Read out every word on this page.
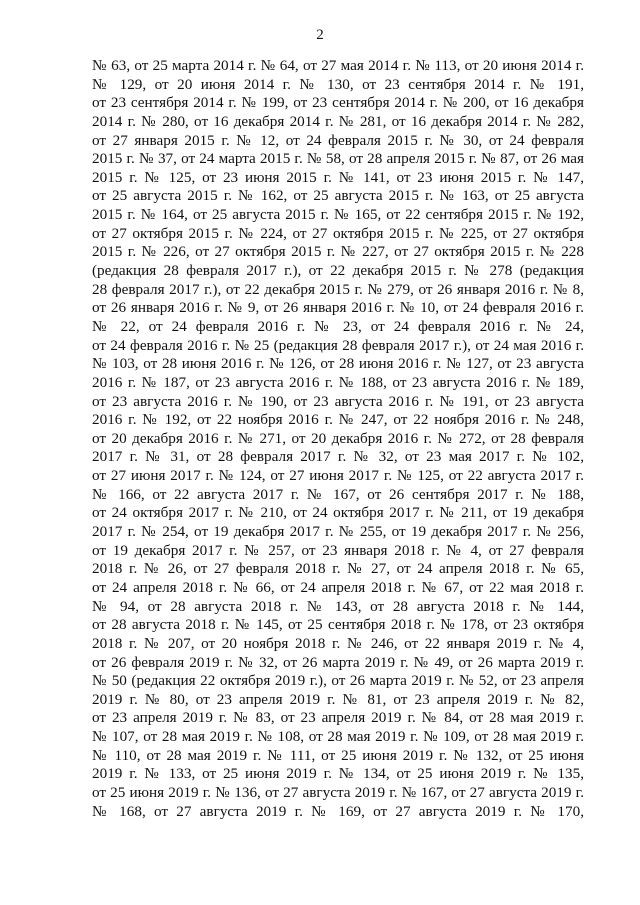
2
№ 63, от 25 марта 2014 г. № 64, от 27 мая 2014 г. № 113, от 20 июня 2014 г.
№ 129, от 20 июня 2014 г. № 130, от 23 сентября 2014 г. № 191,
от 23 сентября 2014 г. № 199, от 23 сентября 2014 г. № 200, от 16 декабря
2014 г. № 280, от 16 декабря 2014 г. № 281, от 16 декабря 2014 г. № 282,
от 27 января 2015 г. № 12, от 24 февраля 2015 г. № 30, от 24 февраля
2015 г. № 37, от 24 марта 2015 г. № 58, от 28 апреля 2015 г. № 87, от 26 мая
2015 г. № 125, от 23 июня 2015 г. № 141, от 23 июня 2015 г. № 147,
от 25 августа 2015 г. № 162, от 25 августа 2015 г. № 163, от 25 августа
2015 г. № 164, от 25 августа 2015 г. № 165, от 22 сентября 2015 г. № 192,
от 27 октября 2015 г. № 224, от 27 октября 2015 г. № 225, от 27 октября
2015 г. № 226, от 27 октября 2015 г. № 227, от 27 октября 2015 г. № 228
(редакция 28 февраля 2017 г.), от 22 декабря 2015 г. № 278 (редакция
28 февраля 2017 г.), от 22 декабря 2015 г. № 279, от 26 января 2016 г. № 8,
от 26 января 2016 г. № 9, от 26 января 2016 г. № 10, от 24 февраля 2016 г.
№ 22, от 24 февраля 2016 г. № 23, от 24 февраля 2016 г. № 24,
от 24 февраля 2016 г. № 25 (редакция 28 февраля 2017 г.), от 24 мая 2016 г.
№ 103, от 28 июня 2016 г. № 126, от 28 июня 2016 г. № 127, от 23 августа
2016 г. № 187, от 23 августа 2016 г. № 188, от 23 августа 2016 г. № 189,
от 23 августа 2016 г. № 190, от 23 августа 2016 г. № 191, от 23 августа
2016 г. № 192, от 22 ноября 2016 г. № 247, от 22 ноября 2016 г. № 248,
от 20 декабря 2016 г. № 271, от 20 декабря 2016 г. № 272, от 28 февраля
2017 г. № 31, от 28 февраля 2017 г. № 32, от 23 мая 2017 г. № 102,
от 27 июня 2017 г. № 124, от 27 июня 2017 г. № 125, от 22 августа 2017 г.
№ 166, от 22 августа 2017 г. № 167, от 26 сентября 2017 г. № 188,
от 24 октября 2017 г. № 210, от 24 октября 2017 г. № 211, от 19 декабря
2017 г. № 254, от 19 декабря 2017 г. № 255, от 19 декабря 2017 г. № 256,
от 19 декабря 2017 г. № 257, от 23 января 2018 г. № 4, от 27 февраля
2018 г. № 26, от 27 февраля 2018 г. № 27, от 24 апреля 2018 г. № 65,
от 24 апреля 2018 г. № 66, от 24 апреля 2018 г. № 67, от 22 мая 2018 г.
№ 94, от 28 августа 2018 г. № 143, от 28 августа 2018 г. № 144,
от 28 августа 2018 г. № 145, от 25 сентября 2018 г. № 178, от 23 октября
2018 г. № 207, от 20 ноября 2018 г. № 246, от 22 января 2019 г. № 4,
от 26 февраля 2019 г. № 32, от 26 марта 2019 г. № 49, от 26 марта 2019 г.
№ 50 (редакция 22 октября 2019 г.), от 26 марта 2019 г. № 52, от 23 апреля
2019 г. № 80, от 23 апреля 2019 г. № 81, от 23 апреля 2019 г. № 82,
от 23 апреля 2019 г. № 83, от 23 апреля 2019 г. № 84, от 28 мая 2019 г.
№ 107, от 28 мая 2019 г. № 108, от 28 мая 2019 г. № 109, от 28 мая 2019 г.
№ 110, от 28 мая 2019 г. № 111, от 25 июня 2019 г. № 132, от 25 июня
2019 г. № 133, от 25 июня 2019 г. № 134, от 25 июня 2019 г. № 135,
от 25 июня 2019 г. № 136, от 27 августа 2019 г. № 167, от 27 августа 2019 г.
№ 168, от 27 августа 2019 г. № 169, от 27 августа 2019 г. № 170,
